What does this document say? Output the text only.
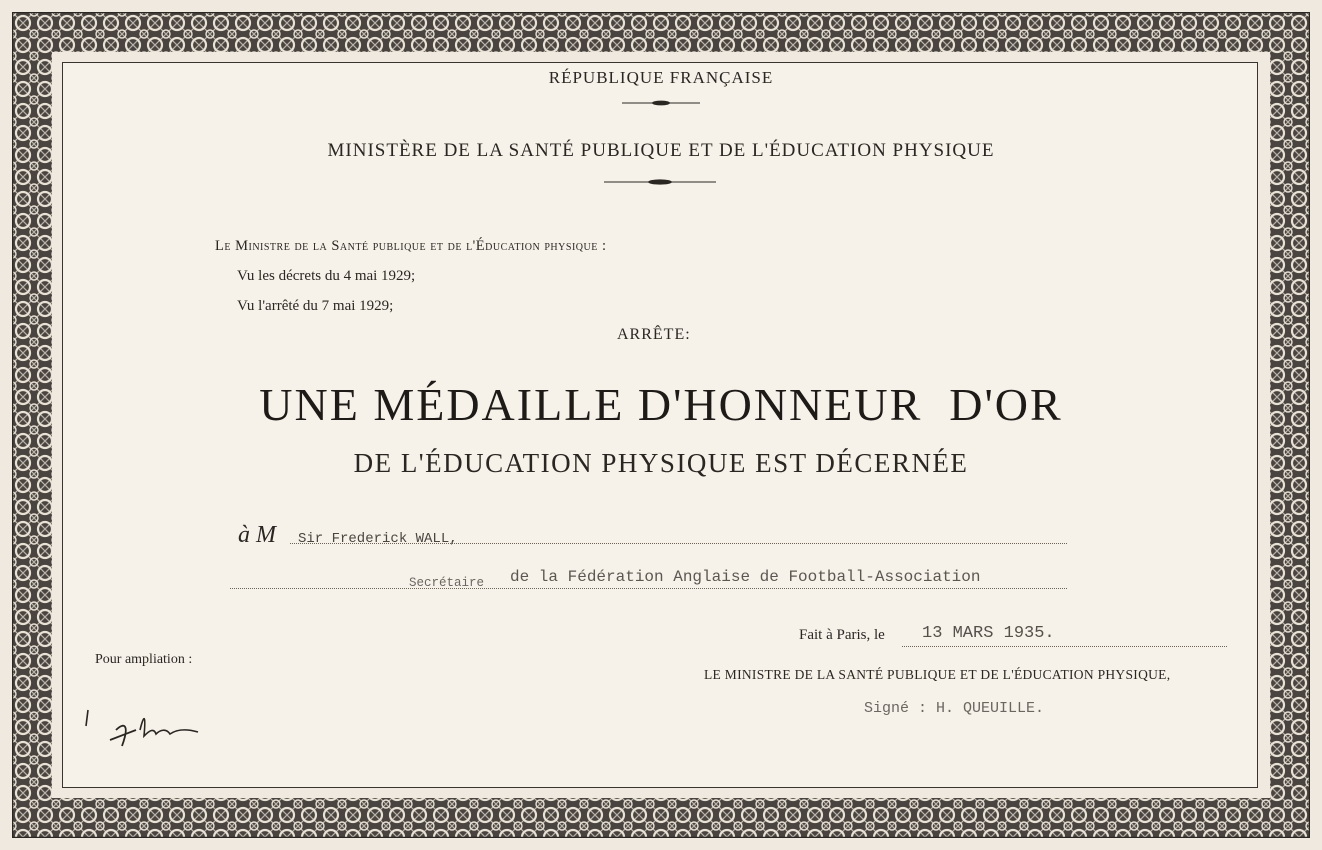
RÉPUBLIQUE FRANÇAISE
MINISTÈRE DE LA SANTÉ PUBLIQUE ET DE L'ÉDUCATION PHYSIQUE
Le Ministre de la Santé publique et de l'Éducation physique :
Vu les décrets du 4 mai 1929;
Vu l'arrêté du 7 mai 1929;
ARRÊTE:
UNE MÉDAILLE D'HONNEUR  D'OR
DE L'ÉDUCATION PHYSIQUE EST DÉCERNÉE
à M Sir Frederick WALL,
Secrétaire de la Fédération Anglaise de Football-Association
Fait à Paris, le 13 MARS 1935.
Pour ampliation :
LE MINISTRE DE LA SANTÉ PUBLIQUE ET DE L'ÉDUCATION PHYSIQUE,
Signé : H. QUEUILLE.
